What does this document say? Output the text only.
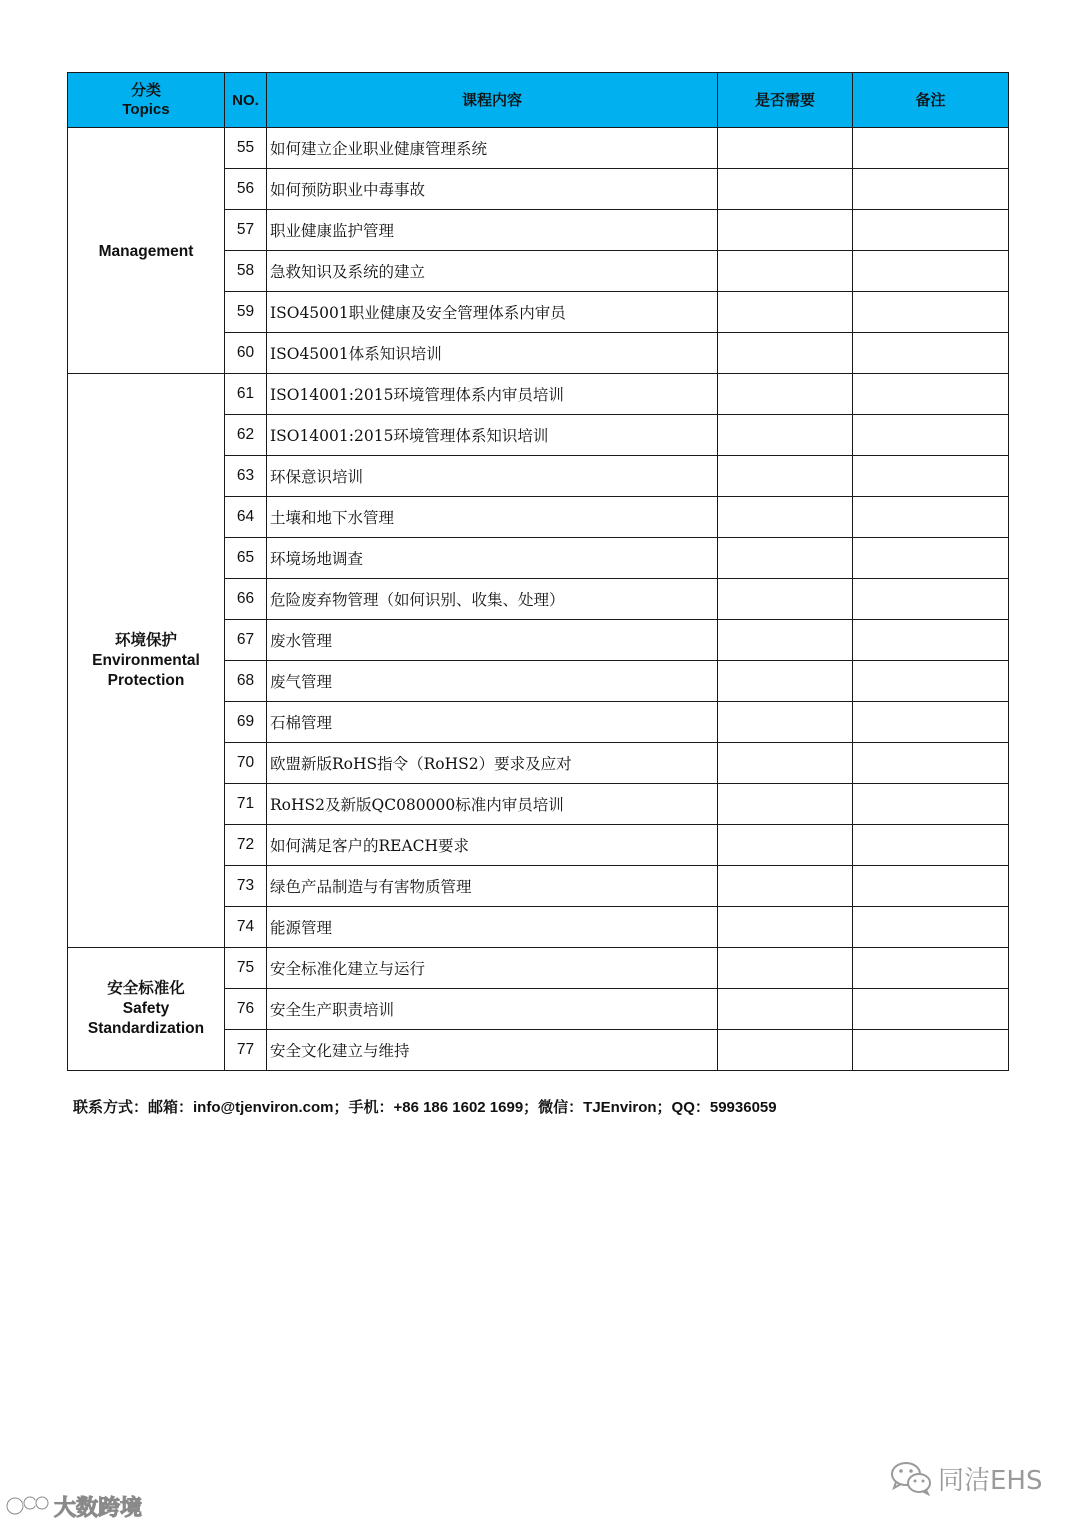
分类
Topics	NO.	课程内容	是否需要	备注

Management	55	如何建立企业职业健康管理系统		
	56	如何预防职业中毒事故		
	57	职业健康监护管理		
	58	急救知识及系统的建立		
	59	ISO45001职业健康及安全管理体系内审员		
	60	ISO45001体系知识培训		

环境保护
Environmental
Protection	61	ISO14001:2015环境管理体系内审员培训		
	62	ISO14001:2015环境管理体系知识培训		
	63	环保意识培训		
	64	土壤和地下水管理		
	65	环境场地调查		
	66	危险废弃物管理（如何识别、收集、处理）		
	67	废水管理		
	68	废气管理		
	69	石棉管理		
	70	欧盟新版RoHS指令（RoHS2）要求及应对		
	71	RoHS2及新版QC080000标准内审员培训		
	72	如何满足客户的REACH要求		
	73	绿色产品制造与有害物质管理		
	74	能源管理		

安全标准化
Safety
Standardization	75	安全标准化建立与运行		
	76	安全生产职责培训		
	77	安全文化建立与维持		
联系方式：邮箱：info@tjenviron.com；手机：+86 186 1602 1699；微信：TJEnviron；QQ：59936059
同洁EHS
大数跨境
